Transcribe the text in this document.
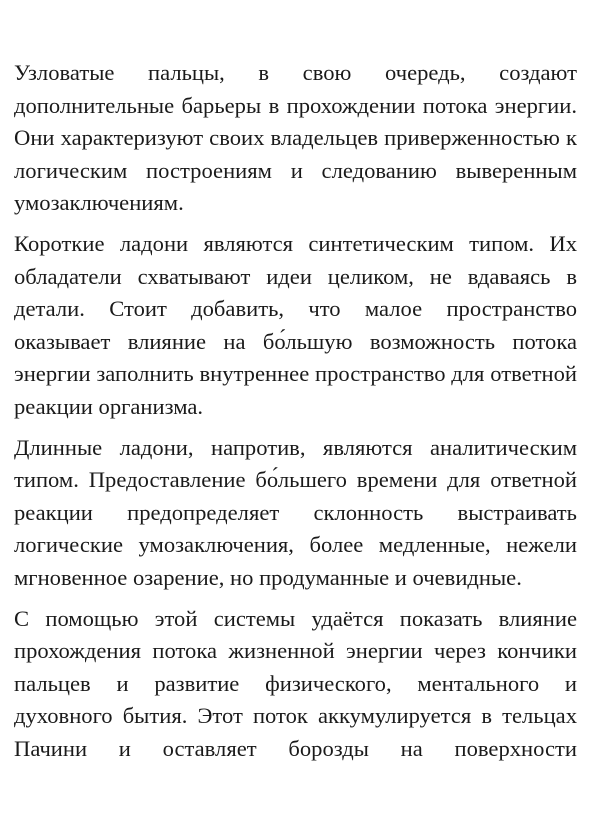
Узловатые пальцы, в свою очередь, создают дополнительные барьеры в прохождении потока энергии. Они характеризуют своих владельцев приверженностью к логическим построениям и следованию выверенным умозаключениям.

Короткие ладони являются синтетическим типом. Их обладатели схватывают идеи целиком, не вдаваясь в детали. Стоит добавить, что малое пространство оказывает влияние на бо́льшую возможность потока энергии заполнить внутреннее пространство для ответной реакции организма.

Длинные ладони, напротив, являются аналитическим типом. Предоставление бо́льшего времени для ответной реакции предопределяет склонность выстраивать логические умозаключения, более медленные, нежели мгновенное озарение, но продуманные и очевидные.

С помощью этой системы удаётся показать влияние прохождения потока жизненной энергии через кончики пальцев и развитие физического, ментального и духовного бытия. Этот поток аккумулируется в тельцах Пачини и оставляет борозды на поверхности
